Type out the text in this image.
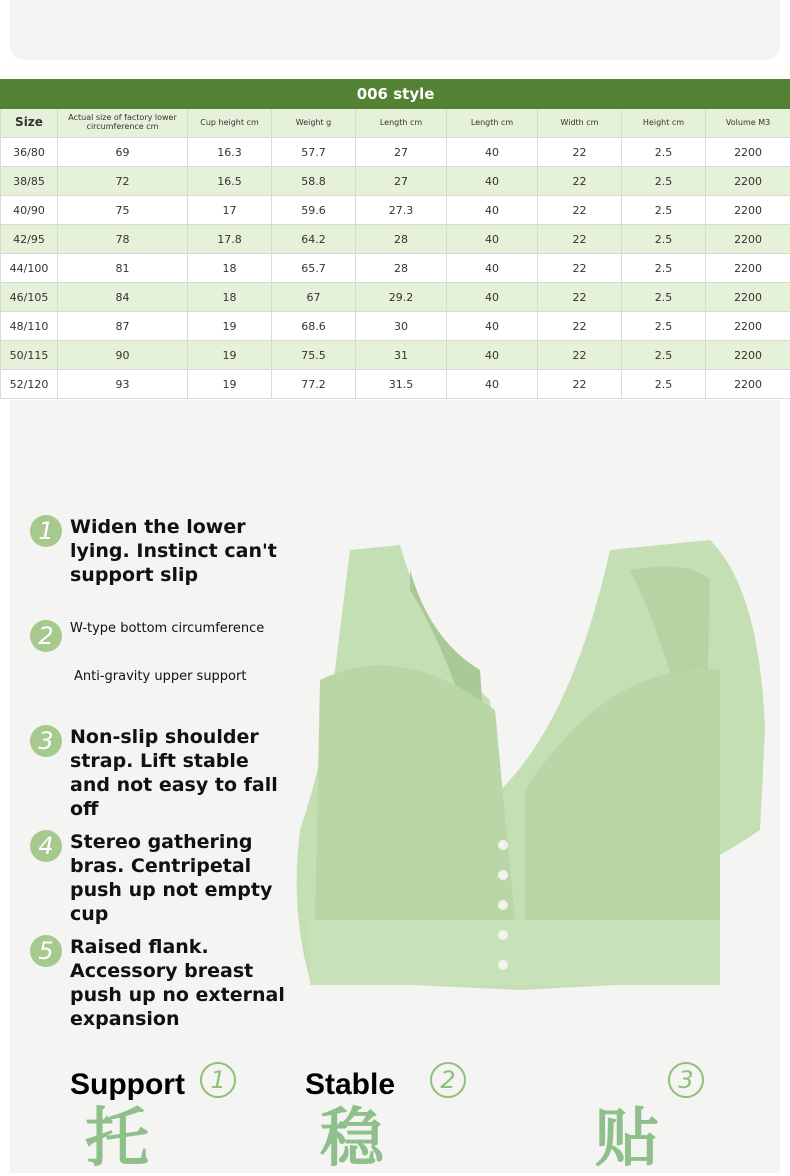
006 style								
Size	Actual size of factory lower circumference cm	Cup height cm	Weight g	Length cm	Length cm	Width cm	Height cm	Volume M3
36/80	69	16.3	57.7	27	40	22	2.5	2200
38/85	72	16.5	58.8	27	40	22	2.5	2200
40/90	75	17	59.6	27.3	40	22	2.5	2200
42/95	78	17.8	64.2	28	40	22	2.5	2200
44/100	81	18	65.7	28	40	22	2.5	2200
46/105	84	18	67	29.2	40	22	2.5	2200
48/110	87	19	68.6	30	40	22	2.5	2200
50/115	90	19	75.5	31	40	22	2.5	2200
52/120	93	19	77.2	31.5	40	22	2.5	2200
1 Widen the lower lying. Instinct can't support slip
2	W-type bottom circumference
3 Non-slip shoulder strap. Lift stable and not easy to fall off
4 Stereo gathering bras. Centripetal push up not empty cup
5 Raised flank. Accessory breast push up no external expansion
Anti-gravity upper support
1
Support
托
2
Stable
稳
3
贴
